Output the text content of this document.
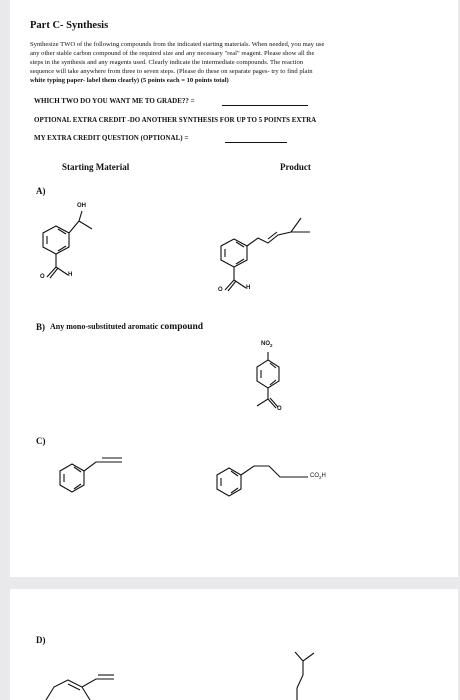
Part C- Synthesis
Synthesize TWO of the following compounds from the indicated starting materials. When needed, you may use
any other stable carbon compound of the required size and any necessary "real" reagent. Please show all the
steps in the synthesis and any reagents used. Clearly indicate the intermediate compounds. The reaction
sequence will take anywhere from three to seven steps. (Please do these on separate pages- try to find plain
white typing paper- label them clearly) (5 points each = 10 points total)
WHICH TWO DO YOU WANT ME TO GRADE?? =
OPTIONAL EXTRA CREDIT -DO ANOTHER SYNTHESIS FOR UP TO 5 POINTS EXTRA
MY EXTRA CREDIT QUESTION (OPTIONAL) =
Starting Material	Product
A)
OH
O	H
O	H
B) Any mono-substituted aromatic compound
$NO_2$
O
C)
$CO_2H$
D)
